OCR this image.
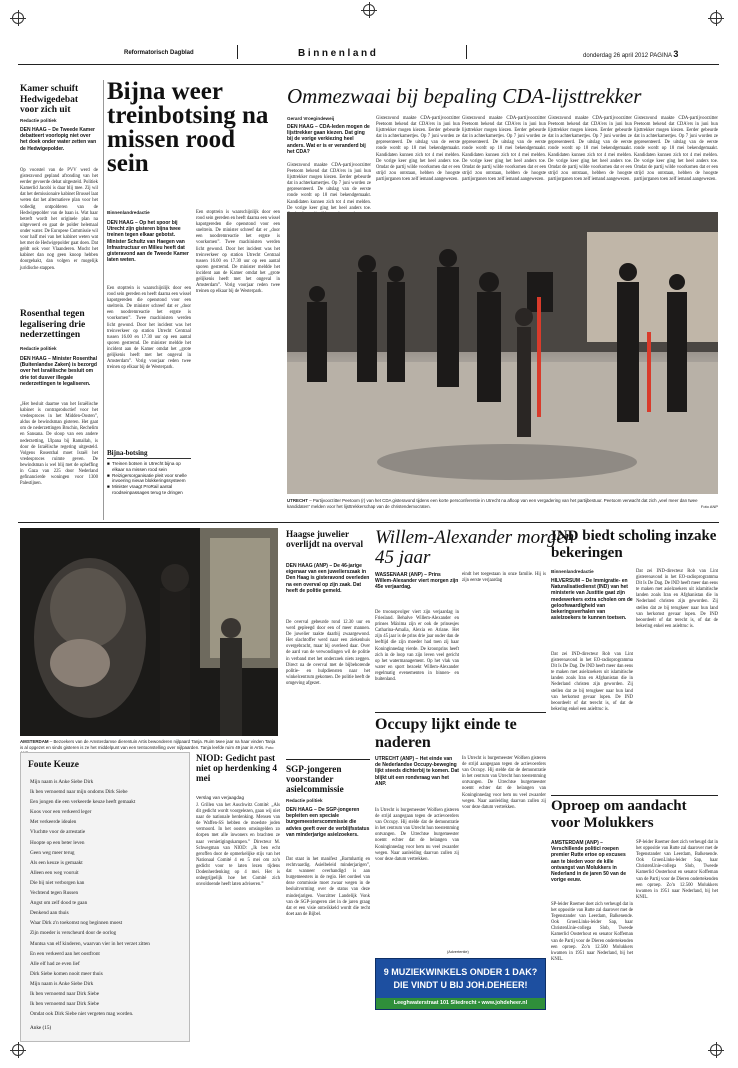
Reformatorisch Dagblad	Binnenland	donderdag 26 april 2012 PAGINA 3
Kamer schuift Hedwigedebat voor zich uit
Redactie politiek
DEN HAAG – De Tweede Kamer debatteert voorlopig niet over het doek onder water zetten van de Hedwigepolder.
Op voorstel van de PVV werd de gisteravond gepland afronding van het eerder gevoerde debat uitgesteld. Politiek Kamerlid Jacobi is daar blij mee. Zij wil dat het demissionaire kabinet Brussel laat weten dat het alternatieve plan voor het volledig ontpolderen van de Hedwigepolder van de baan is. Wat haar betreft wordt het originele plan na uitgevoerd en gaat de polder helemaal onder water. De Europese Commissie wil voor half mei van het kabinet weten wat het met de Hedwigepolder gaat doen. Dat geldt ook voor Vlaanderen. Mocht het kabinet dan nog geen knoop hebben doorgehakt, dan volgen er mogelijk juridische stappen.
Rosenthal tegen legalisering drie nederzettingen
Redactie politiek
DEN HAAG – Minister Rosenthal (Buitenlandse Zaken) is bezorgd over het Israëlische besluit om drie tot dusver illegale nederzettingen te legaliseren.
„Het besluit daartoe van het Israëlische kabinet is contraproductief voor het vredesproces in het Midden-Oosten”, aldus de bewindsman gisteren. Het gaat om de nederzettingen Bruchin, Rechelim en Sansana. De sloop van een andere nederzetting, Ulpana bij Ramallah, is door de Israëlische regering uitgesteld. Volgens Rosenthal moet Israël het vredesproces ruimte geven. De bewindsman is wel blij met de opheffing in Gaza van 225 door Nederland gefinancierde woningen voor 1300 Palestijnen.
Bijna weer treinbotsing na missen rood sein
Binnenlandredactie
DEN HAAG – Op het spoor bij Utrecht zijn gisteren bijna twee treinen tegen elkaar gebotst. Minister Schultz van Haegen van Infrastructuur en Milieu heeft dat gisteravond aan de Tweede Kamer laten weten.
Een stoptrein is waarschijnlijk door een rood sein gereden en heeft daarna een wissel kapotgereden die openstond voor een sneltrein. De minister schreef dat er „door een noodremreactie het ergste is voorkomen”. Twee machinisten werden licht gewond. Door het incident was het treinverkeer op station Utrecht Centraal tussen 16.00 en 17.30 uur op een aantal sporen gestremd. De minister meldde het incident aan de Kamer omdat het „grote gelijkenis heeft met het ongeval in Amsterdam”. Vorig voorjaar reden twee treinen op elkaar bij de Westerpark.
Een stoptrein is waarschijnlijk door een rood sein gereden en heeft daarna een wissel kapotgereden die openstond voor een sneltrein. De minister schreef dat er „door een noodremreactie het ergste is voorkomen”. Twee machinisten werden licht gewond. Door het incident was het treinverkeer op station Utrecht Centraal tussen 16.00 en 17.30 uur op een aantal sporen gestremd. De minister meldde het incident aan de Kamer omdat het „grote gelijkenis heeft met het ongeval in Amsterdam”. Vorig voorjaar reden twee treinen op elkaar bij de Westerpark.
Bijna-botsing
■ Treinen botsen in Utrecht bijna op elkaar na missen rood sein
■ Reizigersorganisatie pleit voor snelle invoering nieuw blokkeringssysteem
■ Minister vraagt ProRail aantal roodseinpassages terug te dringen
Ommezwaai bij bepaling CDA-lijsttrekker
Gerard Vroegindeweij
DEN HAAG – CDA-leden mogen de lijsttrekker gaan kiezen. Dat ging bij de vorige verkiezing heel anders. Wat er is er veranderd bij het CDA?
Gisteravond maakte CDA-partijvoorzitter Peetoom bekend dat CDA'ers in juni hun lijsttrekker mogen kiezen. Eerder gebeurde dat in achterkamertjes. Op 7 juni worden ze gepresenteerd. De uitslag van de eerste ronde wordt op 18 mei bekendgemaakt. Kandidaten kunnen zich tot 4 mei melden. De vorige keer ging het heel anders toe.
Gisteravond maakte CDA-partijvoorzitter Peetoom bekend dat CDA'ers in juni hun lijsttrekker mogen kiezen. Eerder gebeurde dat in achterkamertjes. Op 7 juni worden ze gepresenteerd. De uitslag van de eerste ronde wordt op 18 mei bekendgemaakt. Kandidaten kunnen zich tot 4 mei melden. De vorige keer ging het heel anders toe. Omdat de partij wilde voorkomen dat er een strijd zou ontstaan, hebben de hoogste partijorganen toen zelf iemand aangewezen.
Gisteravond maakte CDA-partijvoorzitter Peetoom bekend dat CDA'ers in juni hun lijsttrekker mogen kiezen. Eerder gebeurde dat in achterkamertjes. Op 7 juni worden ze gepresenteerd. De uitslag van de eerste ronde wordt op 18 mei bekendgemaakt. Kandidaten kunnen zich tot 4 mei melden. De vorige keer ging het heel anders toe. Omdat de partij wilde voorkomen dat er een strijd zou ontstaan, hebben de hoogste partijorganen toen zelf iemand aangewezen.
Gisteravond maakte CDA-partijvoorzitter Peetoom bekend dat CDA'ers in juni hun lijsttrekker mogen kiezen. Eerder gebeurde dat in achterkamertjes. Op 7 juni worden ze gepresenteerd. De uitslag van de eerste ronde wordt op 18 mei bekendgemaakt. Kandidaten kunnen zich tot 4 mei melden. De vorige keer ging het heel anders toe. Omdat de partij wilde voorkomen dat er een strijd zou ontstaan, hebben de hoogste partijorganen toen zelf iemand aangewezen.
Gisteravond maakte CDA-partijvoorzitter Peetoom bekend dat CDA'ers in juni hun lijsttrekker mogen kiezen. Eerder gebeurde dat in achterkamertjes. Op 7 juni worden ze gepresenteerd. De uitslag van de eerste ronde wordt op 18 mei bekendgemaakt. Kandidaten kunnen zich tot 4 mei melden. De vorige keer ging het heel anders toe. Omdat de partij wilde voorkomen dat er een strijd zou ontstaan, hebben de hoogste partijorganen toen zelf iemand aangewezen.
UTRECHT – Partijvoorzitter Peetoom (r) van het CDA gisteravond tijdens een korte persconferentie in Utrecht na afloop van een vergadering van het partijbestuur. Peetoom verwacht dat zich „veel meer dan twee kandidaten” melden voor het lijsttrekkerschap van de christendemocraten.	Foto ANP
AMSTERDAM – Bezoekers van de Amsterdamse dierentuin Artis bewonderen nijlpaard Tanja. Ruim twee jaar na haar vinden Tanja is al opgezet en sinds gisteren is ze het middelpunt van een tentoonstelling over nijlpaarden. Tanja leefde ruim 49 jaar in Artis. Foto
Haagse juwelier overlijdt na overval
DEN HAAG (ANP) – De 46-jarige eigenaar van een juwelierszaak in Den Haag is gisteravond overleden na een overval op zijn zaak. Dat heeft de politie gemeld.
De overval gebeurde rond 12.30 uur en werd gepleegd door een of meer mannen. De juwelier raakte daarbij zwaargewond. Het slachtoffer werd naar een ziekenhuis overgebracht, maar bij overleed daar. Over de aard van de verwondingen wil de politie in verband met het onderzoek niets zeggen. Direct na de overval met de bijbehorende politie- en hulpdiensten naar het winkelcentrum gekomen. De politie heeft de omgeving afgezet.
SGP-jongeren voorstander asielcommissie
Redactie politiek
DEN HAAG – De SGP-jongeren bepleiten een speciale burgemeesterscommissie die advies geeft over de verblijfsstatus van minderjarige asielzoekers.
Dat staat in het manifest „Barmhartig en rechtvaardig. Asielbeleid minderjarigen”, dat wanneer overhandigd is aan burgemeesters in de regio. Het oordeel van deze commissie moet zwaar wegen in de besluitvorming over de status van deze minderjarigen. Voorzitter Landelijk Vonk van de SGP-jongeren ziet in de jaren graag dat er een visie ontwikkeld wordt die recht doet aan de Bijbel.
Foute Keuze
Mijn naam is Anke Siebe Dirk
Ik ben vernoemd naar mijn ondoms Dirk Siebe
Een jongen die een verkeerde keuze heeft gemaakt
Koos voor een verkeerd leger
Met verkeerde idealen
Vluchtte voor de arrestatie
Hoopte op een beter leven
Geen weg meer terug
Als een keuze is gemaakt
Alleen een weg vooruit
Die bij niet verborgen kan
Vechtend tegen Russen
Angst om zelf dood te gaan
Denkend aan thuis
Waar Dirk z'n toekomst nog beginnen moest
Zijn moeder is verscheurd door de oorlog
Muntsa van elf kinderen, waarvan vier in het verzet zitten
En een verkeerd aan het oostfront
Alle elf had ze even lief
Dirk Siebe komen nooit meer thuis
Mijn naam is Anke Siebe Dirk
Ik ben vernoemd naar Dirk Siebe
Ik ben vernoemd naar Dirk Siebe
Omdat ook Dirk Siebe niet vergeten mag worden.
Anke (15)
NIOD: Gedicht past niet op herdenking 4 mei
Verslag van verjaagdag
J. Grillen van het Auschwitz Comité: „Als dit gedicht wordt voorgelezen, gaan wij niet naar de nationale herdenking. Mensen van de Waffen-SS hebben de moedste joden vermoord. In het oosten omsingelden zo dorpen met alle inwoners en brachten ze naar vernietigingskampen.” Directeur M. Schwegman van NIOD: „Ik ben echt geroffen door de opmerkelijke stijs van het Nationaal Comité 4 en 5 mei om zo'n gedicht voor te laten lezen tijdens Dodenherdenking op 4 mei. Het is onbegrijpelijk hoe het Comité zich onvoldoende heeft laten adviseren.”
Willem-Alexander morgen 45 jaar
WASSENAAR (ANP) – Prins Willem-Alexander viert morgen zijn 45e verjaardag.
De troonopvolger viert zijn verjaardag in Friesland. Behalve Willem-Alexander en prinses Máxima zijn er ook de prinsesjes Catharina-Amalia, Alexia en Ariane. Het zijn 45 jaar is de prins drie jaar ouder dan de leeftijd die zijn moeder had toen zij haar Koninginnedag vierde. De kroonprins heeft zich in de loop van zijn leven veel gericht op het watermanagement. Op het vlak van water en sport bezoekt Willem-Alexander regelmatig evenementen in binnen- en buitenland.
eindt het toegestaan in onze familie. Hij is zijn eerste verjaardag
Occupy lijkt einde te naderen
UTRECHT (ANP) – Het einde van de Nederlandse Occupy-beweging lijkt steeds dichterbij te komen. Dat blijkt uit een rondvraag van het ANP.
In Utrecht is burgemeester Wolfsen gisteren de strijd aangegaan tegen de actievoerders van Occupy. Hij stelde dat de demonstratie in het centrum van Utrecht hun toestemming ontvangen. De Utrechtse burgemeester noemt echter dat de belangen van Koninginnedag voor hem nu veel zwaarder wegen. Naar aanleiding daarvan zullen zij voor deze datum vertrekken.
In Utrecht is burgemeester Wolfsen gisteren de strijd aangegaan tegen de actievoerders van Occupy. Hij stelde dat de demonstratie in het centrum van Utrecht hun toestemming ontvangen. De Utrechtse burgemeester noemt echter dat de belangen van Koninginnedag voor hem nu veel zwaarder wegen. Naar aanleiding daarvan zullen zij voor deze datum vertrekken.
(Advertentie)
9 MUZIEKWINKELS ONDER 1 DAK?
DIE VINDT U BIJ JOH.DEHEER!
Leeghwaterstraat 101 Sliedrecht • www.johdeheer.nl
IND biedt scholing inzake bekeringen
Binnenlandredactie
HILVERSUM – De Immigratie- en Naturalisatiedienst (IND) van het ministerie van Justitie gaat zijn medewerkers extra scholen om de geloofwaardigheid van bekeringsverhalen van asielzoekers te kunnen toetsen.
Dat zei IND-directeur Rob van Lint gisterenavond in het EO-radioprogramma Dit Is De Dag. De IND heeft meer dan eens te maken met asielzoekers uit islamitische landen zoals Iran en Afghanistan die in Nederland christen zijn geworden. Zij stellen dat ze bij terugkeer naar hun land van herkomst gevaar lopen. De IND beoordeelt of dat terecht is, of dat de bekering enkel een asieltruc is.
Dat zei IND-directeur Rob van Lint gisterenavond in het EO-radioprogramma Dit Is De Dag. De IND heeft meer dan eens te maken met asielzoekers uit islamitische landen zoals Iran en Afghanistan die in Nederland christen zijn geworden. Zij stellen dat ze bij terugkeer naar hun land van herkomst gevaar lopen. De IND beoordeelt of dat terecht is, of dat de bekering enkel een asieltruc is.
Oproep om aandacht voor Molukkers
AMSTERDAM (ANP) – Verschillende politici roepen premier Rutte ertoe op excuses aan te bieden voor de kille ontvangst van Molukkers in Nederland in de jaren 50 van de vorige eeuw.
SP-leider Roemer doet zich verheugd dat in het oppositie van Rutte zal daarover met de Tegenstander van Leerdam, Balkenende. Ook GroenLinks-leider Sap, haar ChristenUnie-collega Slob, Tweede Kamerlid Oosterhout en senator Koffeman van de Partij voor de Dieren ondertekenden een oproep. Zo'n 12.500 Molukkers kwamen in 1951 naar Nederland, bij het KNIL.
SP-leider Roemer doet zich verheugd dat in het oppositie van Rutte zal daarover met de Tegenstander van Leerdam, Balkenende. Ook GroenLinks-leider Sap, haar ChristenUnie-collega Slob, Tweede Kamerlid Oosterhout en senator Koffeman van de Partij voor de Dieren ondertekenden een oproep. Zo'n 12.500 Molukkers kwamen in 1951 naar Nederland, bij het KNIL.
